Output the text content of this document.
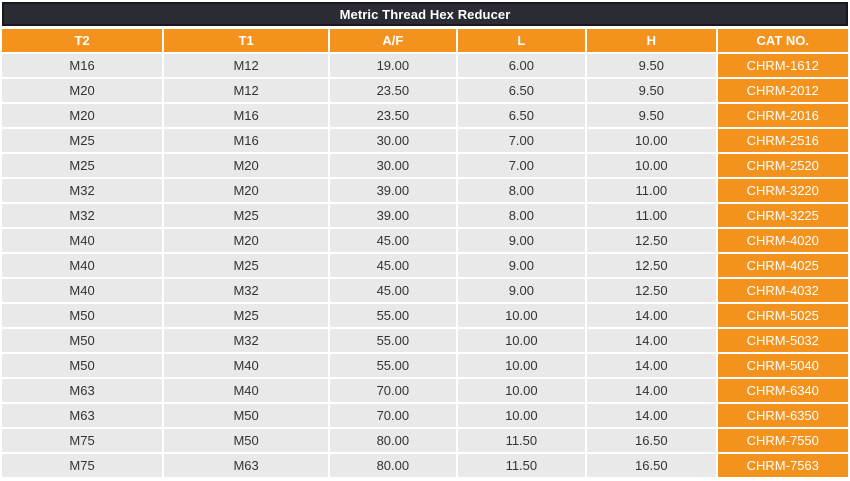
Metric Thread Hex Reducer
T2	T1	A/F	L	H	CAT NO.
M16	M12	19.00	6.00	9.50	CHRM-1612
M20	M12	23.50	6.50	9.50	CHRM-2012
M20	M16	23.50	6.50	9.50	CHRM-2016
M25	M16	30.00	7.00	10.00	CHRM-2516
M25	M20	30.00	7.00	10.00	CHRM-2520
M32	M20	39.00	8.00	11.00	CHRM-3220
M32	M25	39.00	8.00	11.00	CHRM-3225
M40	M20	45.00	9.00	12.50	CHRM-4020
M40	M25	45.00	9.00	12.50	CHRM-4025
M40	M32	45.00	9.00	12.50	CHRM-4032
M50	M25	55.00	10.00	14.00	CHRM-5025
M50	M32	55.00	10.00	14.00	CHRM-5032
M50	M40	55.00	10.00	14.00	CHRM-5040
M63	M40	70.00	10.00	14.00	CHRM-6340
M63	M50	70.00	10.00	14.00	CHRM-6350
M75	M50	80.00	11.50	16.50	CHRM-7550
M75	M63	80.00	11.50	16.50	CHRM-7563
